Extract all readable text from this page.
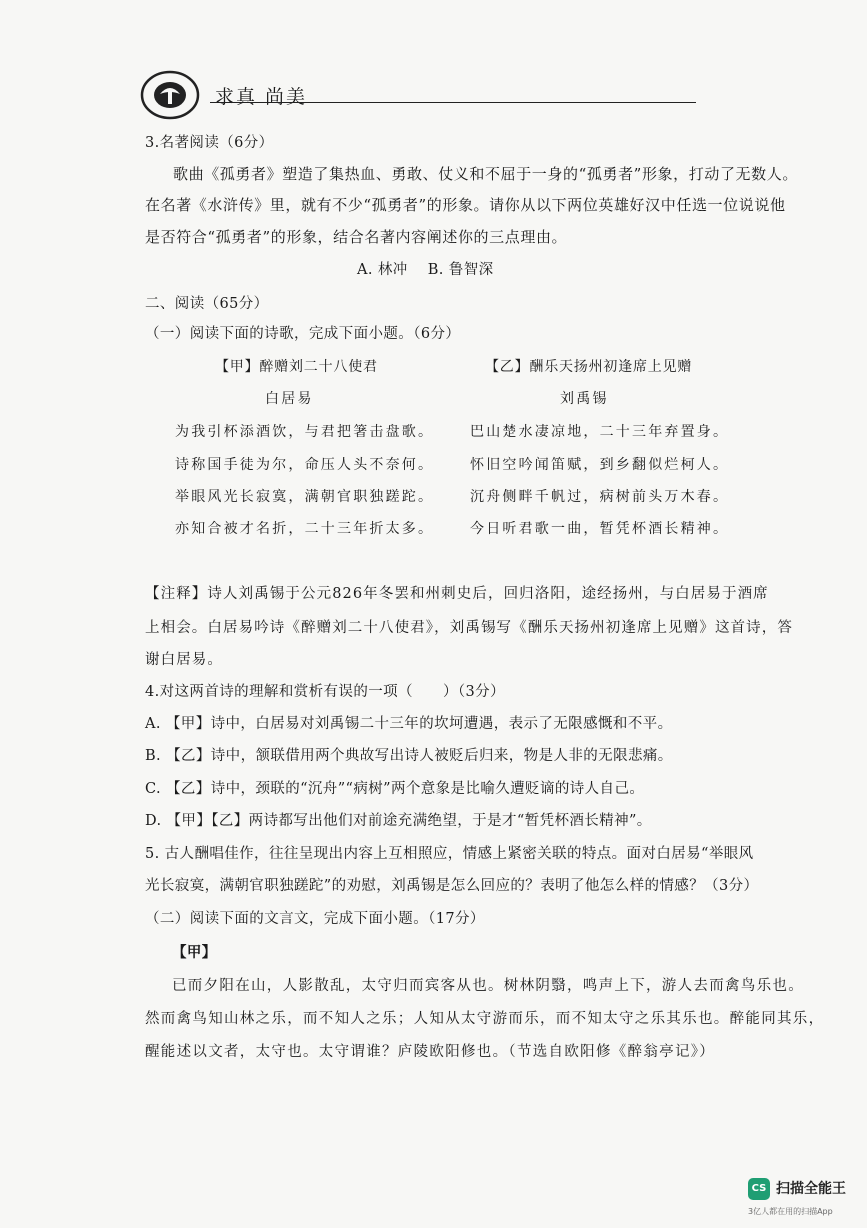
求真 尚美
3.名著阅读（6分）
歌曲《孤勇者》塑造了集热血、勇敢、仗义和不屈于一身的“孤勇者”形象，打动了无数人。
在名著《水浒传》里，就有不少“孤勇者”的形象。请你从以下两位英雄好汉中任选一位说说他
是否符合“孤勇者”的形象，结合名著内容阐述你的三点理由。
A. 林冲    B. 鲁智深
二、阅读（65分）
（一）阅读下面的诗歌，完成下面小题。（6分）
【甲】醉赠刘二十八使君
白居易
为我引杯添酒饮，与君把箸击盘歌。
诗称国手徒为尔，命压人头不奈何。
举眼风光长寂寞，满朝官职独蹉跎。
亦知合被才名折，二十三年折太多。
【乙】酬乐天扬州初逢席上见赠
刘禹锡
巴山楚水凄凉地，二十三年弃置身。
怀旧空吟闻笛赋，到乡翻似烂柯人。
沉舟侧畔千帆过，病树前头万木春。
今日听君歌一曲，暂凭杯酒长精神。
【注释】诗人刘禹锡于公元826年冬罢和州刺史后，回归洛阳，途经扬州，与白居易于酒席
上相会。白居易吟诗《醉赠刘二十八使君》，刘禹锡写《酬乐天扬州初逢席上见赠》这首诗，答
谢白居易。
4.对这两首诗的理解和赏析有误的一项（      ）（3分）
A. 【甲】诗中，白居易对刘禹锡二十三年的坎坷遭遇，表示了无限感慨和不平。
B. 【乙】诗中，颔联借用两个典故写出诗人被贬后归来，物是人非的无限悲痛。
C. 【乙】诗中，颈联的“沉舟”“病树”两个意象是比喻久遭贬谪的诗人自己。
D. 【甲】【乙】两诗都写出他们对前途充满绝望，于是才“暂凭杯酒长精神”。
5. 古人酬唱佳作，往往呈现出内容上互相照应，情感上紧密关联的特点。面对白居易“举眼风
光长寂寞，满朝官职独蹉跎”的劝慰，刘禹锡是怎么回应的？表明了他怎么样的情感？（3分）
（二）阅读下面的文言文，完成下面小题。（17分）
【甲】
已而夕阳在山，人影散乱，太守归而宾客从也。树林阴翳，鸣声上下，游人去而禽鸟乐也。
然而禽鸟知山林之乐，而不知人之乐；人知从太守游而乐，而不知太守之乐其乐也。醉能同其乐，
醒能述以文者，太守也。太守谓谁？庐陵欧阳修也。（节选自欧阳修《醉翁亭记》）
CS 扫描全能王
3亿人都在用的扫描App
